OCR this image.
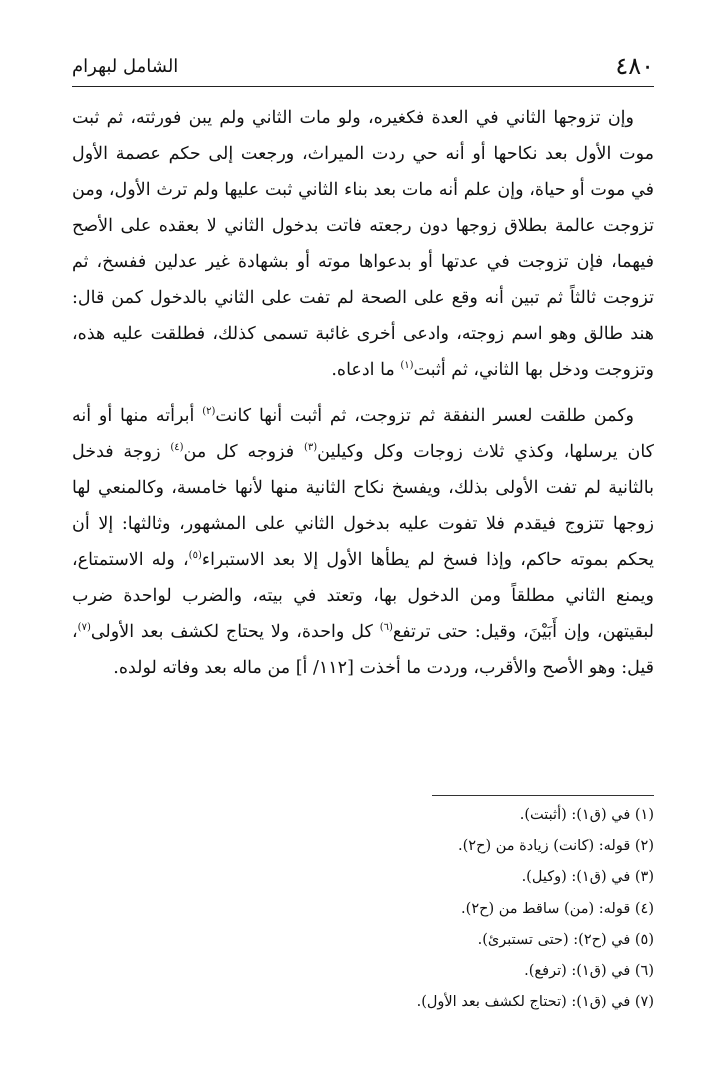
٤٨٠
الشامل لبهرام

وإن تزوجها الثاني في العدة فكغيره، ولو مات الثاني ولم يبن فورثته، ثم ثبت موت الأول بعد نكاحها أو أنه حي ردت الميراث، ورجعت إلى حكم عصمة الأول في موت أو حياة، وإن علم أنه مات بعد بناء الثاني ثبت عليها ولم ترث الأول، ومن تزوجت عالمة بطلاق زوجها دون رجعته فاتت بدخول الثاني لا بعقده على الأصح فيهما، فإن تزوجت في عدتها أو بدعواها موته أو بشهادة غير عدلين ففسخ، ثم تزوجت ثالثاً ثم تبين أنه وقع على الصحة لم تفت على الثاني بالدخول كمن قال: هند طالق وهو اسم زوجته، وادعى أخرى غائبة تسمى كذلك، فطلقت عليه هذه، وتزوجت ودخل بها الثاني، ثم أثبت$^{(١)}$ ما ادعاه.

وكمن طلقت لعسر النفقة ثم تزوجت، ثم أثبت أنها كانت$^{(٢)}$ أبرأته منها أو أنه كان يرسلها، وكذي ثلاث زوجات وكل وكيلين$^{(٣)}$ فزوجه كل من$^{(٤)}$ زوجة فدخل بالثانية لم تفت الأولى بذلك، ويفسخ نكاح الثانية منها لأنها خامسة، وكالمنعي لها زوجها تتزوج فيقدم فلا تفوت عليه بدخول الثاني على المشهور، وثالثها: إلا أن يحكم بموته حاكم، وإذا فسخ لم يطأها الأول إلا بعد الاستبراء$^{(٥)}$، وله الاستمتاع، ويمنع الثاني مطلقاً ومن الدخول بها، وتعتد في بيته، والضرب لواحدة ضرب لبقيتهن، وإن أَبَيْنَ، وقيل: حتى ترتفع$^{(٦)}$ كل واحدة، ولا يحتاج لكشف بعد الأولى$^{(٧)}$، قيل: وهو الأصح والأقرب، وردت ما أخذت [١١٢/ أ] من ماله بعد وفاته لولده.

(١) في (ق١): (أثبتت).
(٢) قوله: (كانت) زيادة من (ح٢).
(٣) في (ق١): (وكيل).
(٤) قوله: (من) ساقط من (ح٢).
(٥) في (ح٢): (حتى تستبرئ).
(٦) في (ق١): (ترفع).
(٧) في (ق١): (تحتاج لكشف بعد الأول).
